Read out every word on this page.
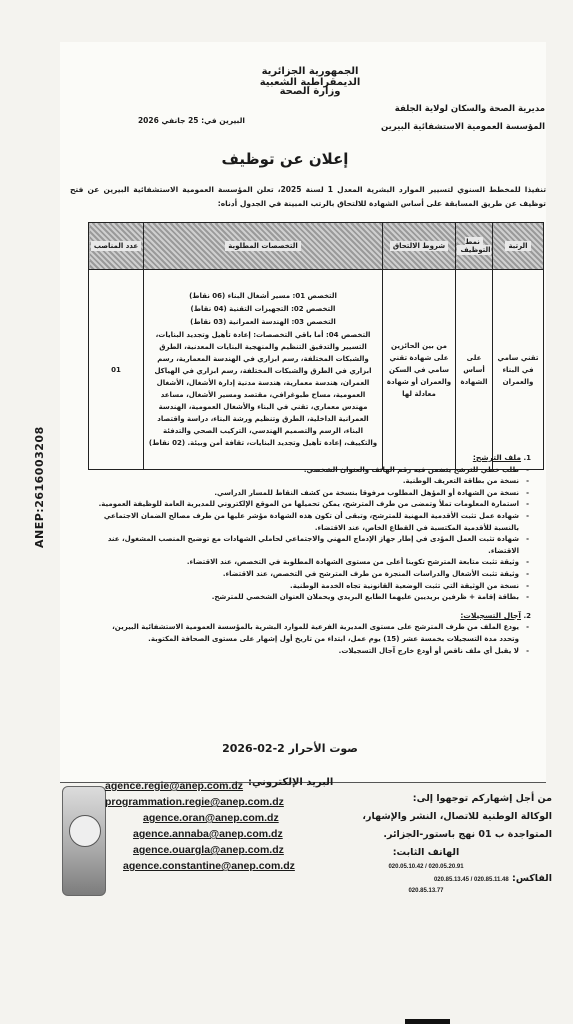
ANEP:2616003208
الجمهورية الجزائرية الديمقراطية الشعبية
وزارة الصحة
مديرية الصحة والسكان لولاية الجلفة
المؤسسة العمومية الاستشفائية البيرين
البيرين في: 25 جانفي 2026
إعلان عن توظيف
تنفيذا للمخطط السنوي لتسيير الموارد البشرية المعدل 1 لسنة 2025، تعلن المؤسسة العمومية الاستشفائية البيرين عن فتح توظيف عن طريق المسابقة على أساس الشهادة للالتحاق بالرتب المبينة في الجدول أدناه:
الرتبة	نمط التوظيف	شروط الالتحاق	التخصصات المطلوبة	عدد المناصب
تقني سامي في البناء والعمران	على أساس الشهادة	من بين الحائزين على شهادة تقني سامي في السكن والعمران أو شهادة معادلة لها	التخصص 01: مسير أشغال البناء (06 نقاط)
التخصص 02: التجهيزات التقنية (04 نقاط)
التخصص 03: الهندسة العمرانية (03 نقاط)
التخصص 04: أما باقي التخصصات: إعادة تأهيل وتجديد البنايات، التسيير والتدقيق التنظيم والمنهجية البنايات المعدنية، الطرق والشبكات المختلفة، رسم ابزاري في الهندسة المعمارية، رسم ابزاري في الطرق والشبكات المختلفة، رسم ابزاري في الهياكل العمران، هندسة معمارية، هندسة مدنية إدارة الأشغال، الأشغال العمومية، مساح طبوغرافي، مقتصد ومسير الأشغال، مساعد مهندس معماري، تقني في البناء والأشغال العمومية، الهندسة العمرانية الداخلية، الطرق وتنظيم ورشة البناء، دراسة واقتصاد البناء، الرسم والتصميم الهندسي، التركيب الصحي والتدفئة والتكييف، إعادة تأهيل وتجديد البنايات، تقافة أمن وبيئة. (02 نقاط)	01
1. ملف الترشح:
- طلب خطي للترشح يتضمن فيه رقم الهاتف والعنوان الشخصي.
- نسخة من بطاقة التعريف الوطنية.
- نسخة من الشهادة أو المؤهل المطلوب مرفوقا بنسخة من كشف النقاط للمسار الدراسي.
- استمارة المعلومات تملأ وتمضى من طرف المترشح، يمكن تحميلها من الموقع الإلكتروني للمديرية العامة للوظيفة العمومية.
- شهادة عمل تثبت الأقدمية المهنية للمترشح، وتبقى أن تكون هذه الشهادة مؤشر عليها من طرف مصالح الضمان الاجتماعي بالنسبة للأقدمية المكتسبة في القطاع الخاص، عند الاقتضاء.
- شهادة تثبت العمل المؤدى في إطار جهاز الإدماج المهني والاجتماعي لحاملي الشهادات مع توضيح المنصب المشغول، عند الاقتضاء.
- وثيقة تثبت متابعة المترشح تكوينا أعلى من مستوى الشهادة المطلوبة في التخصص، عند الاقتضاء.
- وثيقة تثبت الأشغال والدراسات المنجزة من طرف المترشح في التخصص، عند الاقتضاء.
- نسخة من الوثيقة التي تثبت الوضعية القانونية تجاه الخدمة الوطنية.
- بطاقة إقامة + ظرفين بريديين عليهما الطابع البريدي ويحملان العنوان الشخصي للمترشح.
2. آجال التسجيلات:
- يودع الملف من طرف المترشح على مستوى المديرية الفرعية للموارد البشرية بالمؤسسة العمومية الاستشفائية البيرين، وتحدد مدة التسجيلات بخمسة عشر (15) يوم عمل، ابتداء من تاريخ أول إشهار على مستوى الصحافة المكتوبة.
- لا يقبل أي ملف ناقص أو أودع خارج آجال التسجيلات.
صوت الأحرار 2-02-2026
agence.regie@anep.com.dz
programmation.regie@anep.com.dz
agence.oran@anep.com.dz
agence.annaba@anep.com.dz
agence.ouargla@anep.com.dz
agence.constantine@anep.com.dz
البريد الإلكتروني:
من أجل إشهاركم توجهوا إلى:
الوكالة الوطنية للاتصال، النشر والإشهار،
المتواجدة ب 01 نهج باستور-الجزائر.
الهاتف الثابت:
020.05.20.91 / 020.05.10.42
الفاكس: 020.85.11.48 / 020.85.13.45
020.85.13.77
